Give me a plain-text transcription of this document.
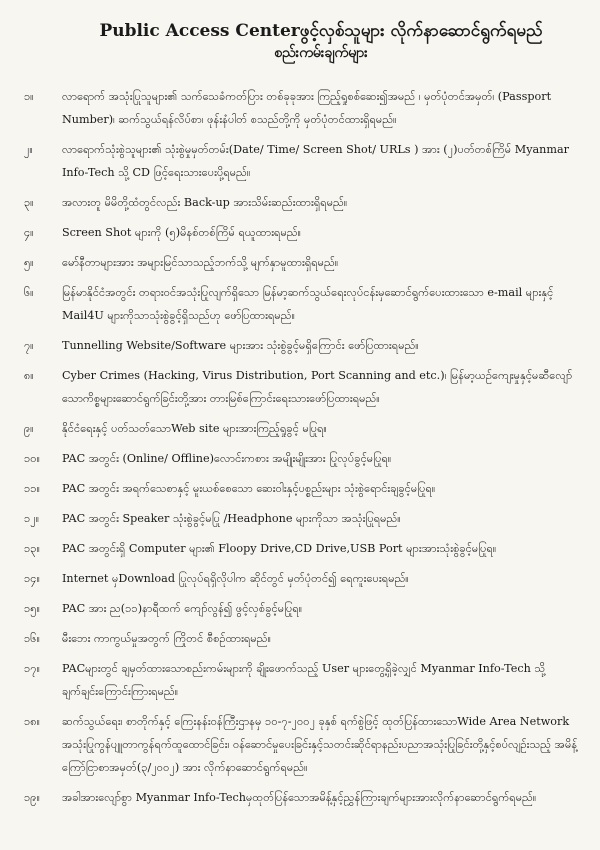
Public Access Centerဖွင့်လှစ်သူများ လိုက်နာဆောင်ရွက်ရမည်
စည်းကမ်းချက်များ
၁။	လာရောက် အသုံးပြုသူများ၏ သက်သေခံကတ်ပြား တစ်ခုခုအား ကြည့်ရှုစစ်ဆေး၍အမည် ၊ မှတ်ပုံတင်အမှတ်၊ (Passport Number)၊ ဆက်သွယ်ရန်လိပ်စာ၊ ဖုန်းနံပါတ် စသည်တို့ကို မှတ်ပုံတင်ထားရှိရမည်။
၂။	လာရောက်သုံးစွဲသူများ၏ သုံးစွဲမှုမှတ်တမ်း(Date/ Time/ Screen Shot/ URLs ) အား (၂)ပတ်တစ်ကြိမ် Myanmar Info-Tech သို့ CD ဖြင့်ရေးသားပေးပို့ရမည်။
၃။	အလားတူ မိမိတို့ထံတွင်လည်း Back-up အားသိမ်းဆည်းထားရှိရမည်။
၄။	Screen Shot များကို (၅)မိနစ်တစ်ကြိမ် ရယူထားရမည်။
၅။	မော်နီတာများအား အများမြင်သာသည့်ဘက်သို့ မျက်နှာမူထားရှိရမည်။
၆။	မြန်မာနိုင်ငံအတွင်း တရားဝင်အသုံးပြုလျက်ရှိသော မြန်မာ့ဆက်သွယ်ရေးလုပ်ငန်းမှဆောင်ရွက်ပေးထားသော e-mail များနှင့် Mail4U များကိုသာသုံးစွဲခွင့်ရှိသည်ဟု ဖော်ပြထားရမည်။
၇။	Tunnelling Website/Software များအား သုံးစွဲခွင့်မရှိကြောင်း ဖော်ပြထားရမည်။
၈။	Cyber Crimes (Hacking, Virus Distribution, Port Scanning and etc.)၊ မြန်မာ့ယဉ်ကျေးမှုနှင့်မဆီလျော်သောကိစ္စများဆောင်ရွက်ခြင်းတို့အား တားမြစ်ကြောင်းရေးသားဖော်ပြထားရမည်။
၉။	နိုင်ငံရေးနှင့် ပတ်သတ်သောWeb site များအားကြည့်ရှုခွင့် မပြုရ။
၁၀။	PAC အတွင်း (Online/ Offline)လောင်းကစား အမျိုးမျိုးအား ပြုလုပ်ခွင့်မပြုရ။
၁၁။	PAC အတွင်း အရက်သေစာနှင့် မူးယစ်စေသော ဆေးဝါးနှင့်ပစ္စည်းများ သုံးစွဲရောင်းချခွင့်မပြုရ။
၁၂။	PAC အတွင်း Speaker သုံးစွဲခွင့်မပြု /Headphone များကိုသာ အသုံးပြုရမည်။
၁၃။	PAC အတွင်းရှိ Computer များ၏ Floopy Drive,CD Drive,USB Port များအားသုံးစွဲခွင့်မပြုရ။
၁၄။	Internet မှDownload ပြုလုပ်ရရှိလိုပါက ဆိုင်တွင် မှတ်ပုံတင်၍ ရေကူးပေးရမည်။
၁၅။	PAC အား ည(၁၁)နာရီထက် ကျော်လွန်၍ ဖွင့်လှစ်ခွင့်မပြုရ။
၁၆။	မီးဘေး ကာကွယ်မှုအတွက် ကြိုတင် စီစဉ်ထားရမည်။
၁၇။	PACများတွင် ချမှတ်ထားသောစည်းကမ်းများကို ချိုးဖောက်သည့် User များတွေ့ရှိခဲ့လျှင် Myanmar Info-Tech သို့ချက်ချင်းကြောင်းကြားရမည်။
၁၈။	ဆက်သွယ်ရေး၊ စာတိုက်နှင့် ကြေးနန်းဝန်ကြီးဌာနမှ ၁၀-၇-၂၀၀၂ ခုနှစ် ရက်စွဲဖြင့် ထုတ်ပြန်ထားသောWide Area Network အသုံးပြုကွန်ပျူတာကွန်ရက်ထူထောင်ခြင်း၊ ဝန်ဆောင်မှုပေးခြင်းနှင့်သတင်းဆိုင်ရာနည်းပညာအသုံးပြုခြင်းတို့နှင့်စပ်လျဉ်းသည့် အမိန့်ကြော်ငြာစာအမှတ်(၃/၂၀၀၂) အား လိုက်နာဆောင်ရွက်ရမည်။
၁၉။	အခါအားလျော်စွာ Myanmar Info-Techမှထုတ်ပြန်သောအမိန့်နှင့်ညွှန်ကြားချက်များအားလိုက်နာဆောင်ရွက်ရမည်။
